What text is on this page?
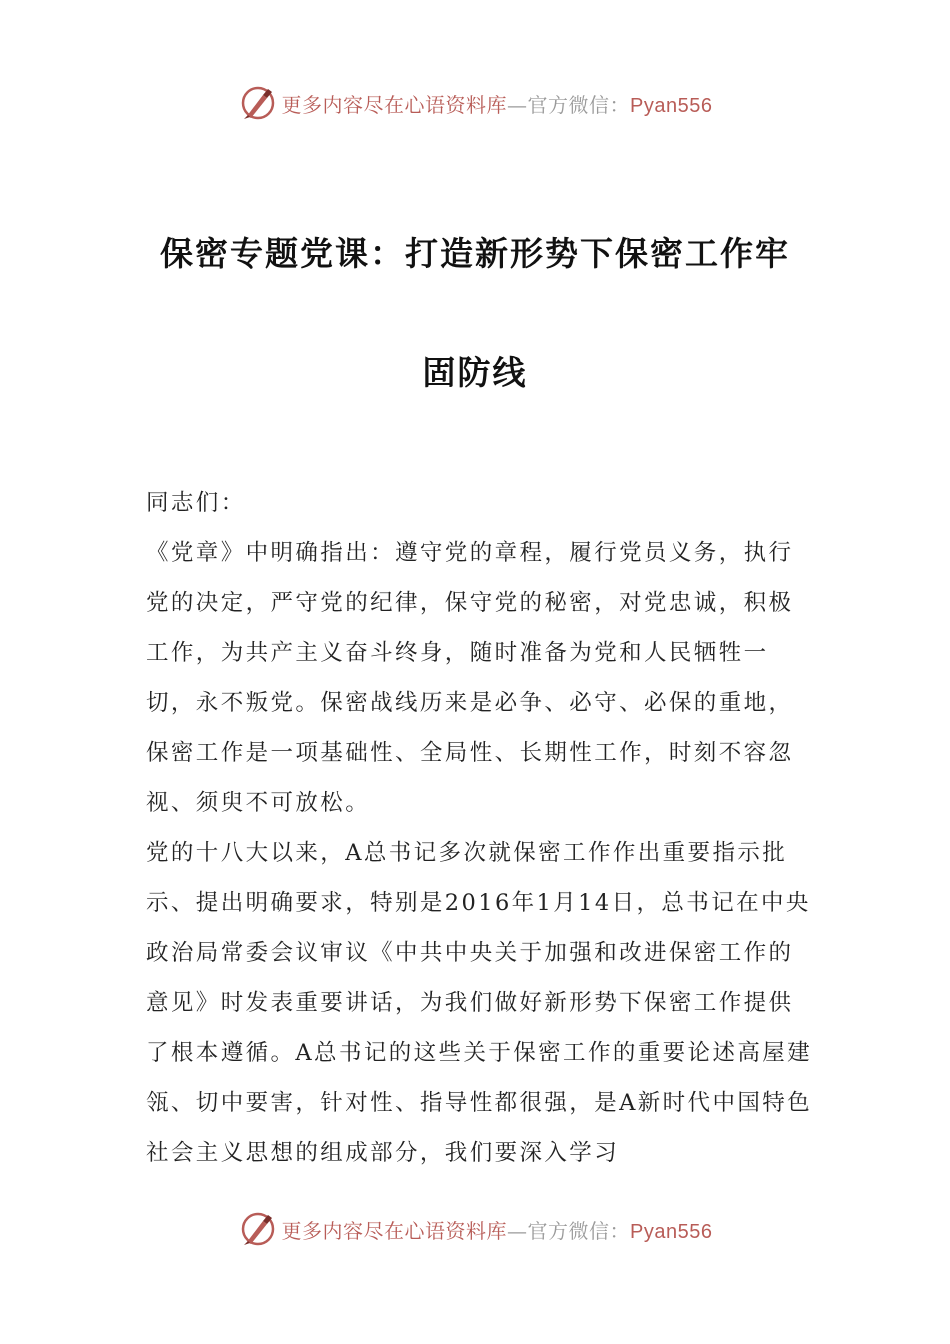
更多内容尽在心语资料库—官方微信：Pyan556
保密专题党课：打造新形势下保密工作牢
固防线

同志们：

《党章》中明确指出：遵守党的章程，履行党员义务，执行党的决定，严守党的纪律，保守党的秘密，对党忠诚，积极工作，为共产主义奋斗终身，随时准备为党和人民牺牲一切，永不叛党。保密战线历来是必争、必守、必保的重地，保密工作是一项基础性、全局性、长期性工作，时刻不容忽视、须臾不可放松。

党的十八大以来，A总书记多次就保密工作作出重要指示批示、提出明确要求，特别是2016年1月14日，总书记在中央政治局常委会议审议《中共中央关于加强和改进保密工作的意见》时发表重要讲话，为我们做好新形势下保密工作提供了根本遵循。A总书记的这些关于保密工作的重要论述高屋建瓴、切中要害，针对性、指导性都很强，是A新时代中国特色社会主义思想的组成部分，我们要深入学习

更多内容尽在心语资料库—官方微信：Pyan556
